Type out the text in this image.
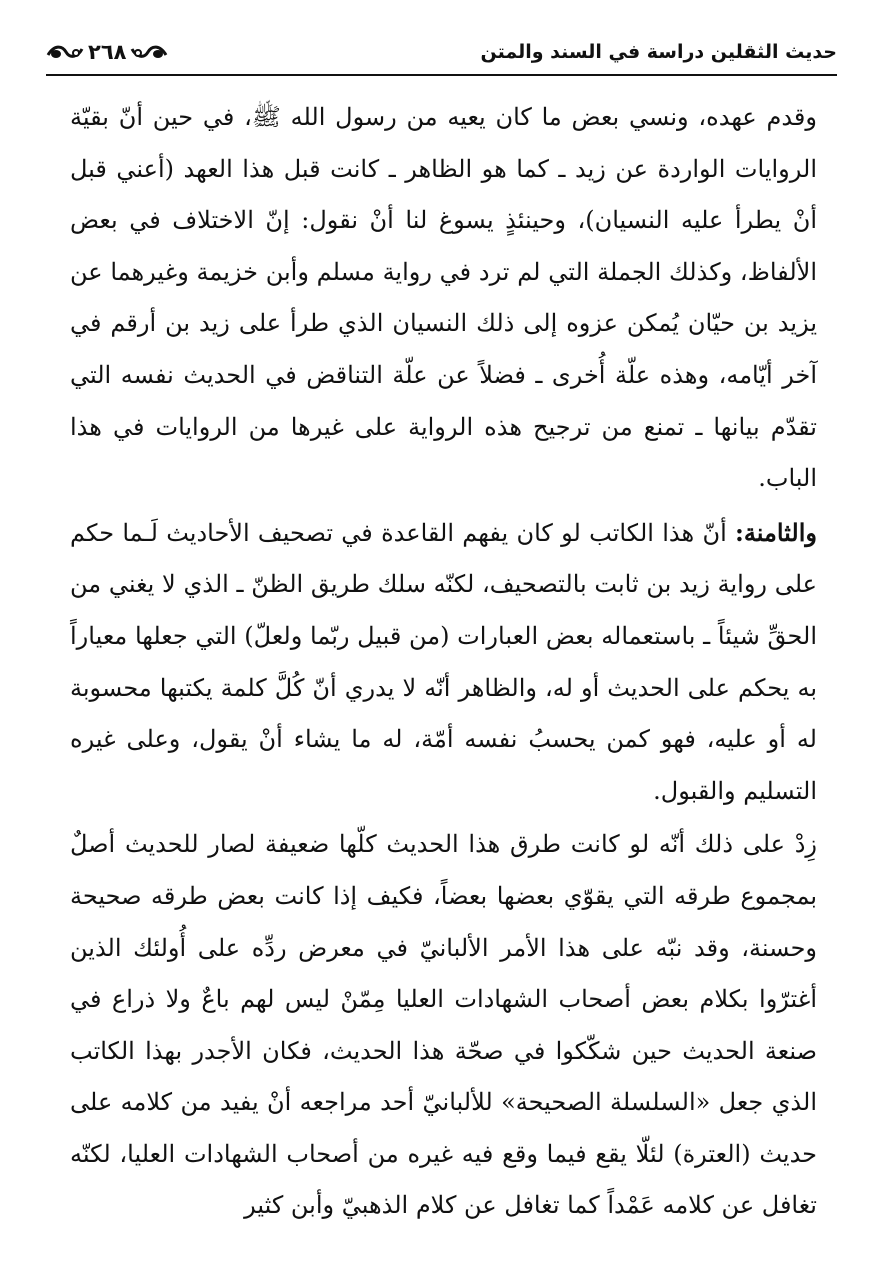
حديث الثقلين دراسة في السند والمتن
٢٦٨

وقدم عهده، ونسي بعض ما كان يعيه من رسول الله ﷺ، في حين أنّ بقيّة الروايات الواردة عن زيد ـ كما هو الظاهر ـ كانت قبل هذا العهد (أعني قبل أنْ يطرأ عليه النسيان)، وحينئذٍ يسوغ لنا أنْ نقول: إنّ الاختلاف في بعض الألفاظ، وكذلك الجملة التي لم ترد في رواية مسلم وأبن خزيمة وغيرهما عن يزيد بن حيّان يُمكن عزوه إلى ذلك النسيان الذي طرأ على زيد بن أرقم في آخر أيّامه، وهذه علّة أُخرى ـ فضلاً عن علّة التناقض في الحديث نفسه التي تقدّم بيانها ـ تمنع من ترجيح هذه الرواية على غيرها من الروايات في هذا الباب.

والثامنة: أنّ هذا الكاتب لو كان يفهم القاعدة في تصحيف الأحاديث لَـما حكم على رواية زيد بن ثابت بالتصحيف، لكنّه سلك طريق الظنّ ـ الذي لا يغني من الحقِّ شيئاً ـ باستعماله بعض العبارات (من قبيل ربّما ولعلّ) التي جعلها معياراً به يحكم على الحديث أو له، والظاهر أنّه لا يدري أنّ كُلَّ كلمة يكتبها محسوبة له أو عليه، فهو كمن يحسبُ نفسه أمّة، له ما يشاء أنْ يقول، وعلى غيره التسليم والقبول.

زِدْ على ذلك أنّه لو كانت طرق هذا الحديث كلّها ضعيفة لصار للحديث أصلٌ بمجموع طرقه التي يقوّي بعضها بعضاً، فكيف إذا كانت بعض طرقه صحيحة وحسنة، وقد نبّه على هذا الأمر الألبانيّ في معرض ردِّه على أُولئك الذين أغترّوا بكلام بعض أصحاب الشهادات العليا مِمّنْ ليس لهم باعٌ ولا ذراع في صنعة الحديث حين شكّكوا في صحّة هذا الحديث، فكان الأجدر بهذا الكاتب الذي جعل «السلسلة الصحيحة» للألبانيّ أحد مراجعه أنْ يفيد من كلامه على حديث (العترة) لئلّا يقع فيما وقع فيه غيره من أصحاب الشهادات العليا، لكنّه تغافل عن كلامه عَمْداً كما تغافل عن كلام الذهبيّ وأبن كثير
